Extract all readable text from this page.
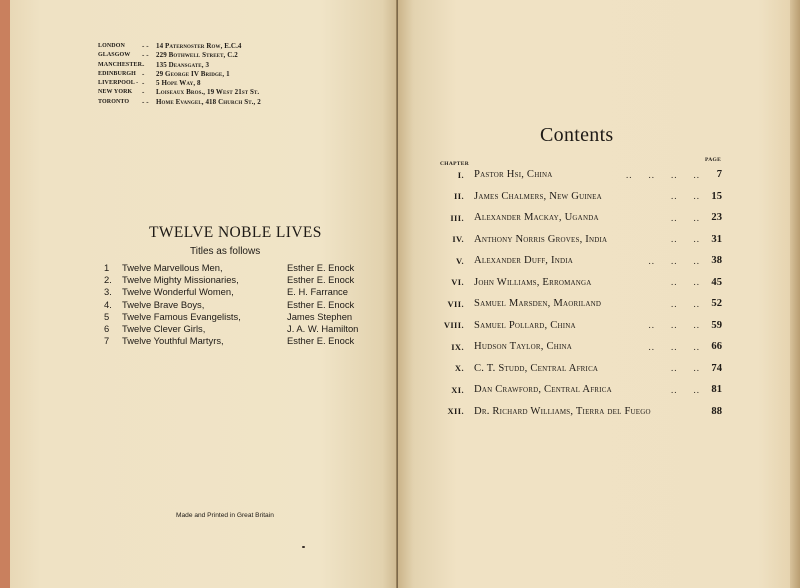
LONDON	- -	14 Paternoster Row, E.C.4
GLASGOW	- -	229 Bothwell Street, C.2
MANCHESTER -	135 Deansgate, 3
EDINBURGH -	29 George IV Bridge, 1
LIVERPOOL - -	5 Hope Way, 8
NEW YORK	-	Loiseaux Bros., 19 West 21st St.
TORONTO	- -	Home Evangel, 418 Church St., 2
TWELVE NOBLE LIVES
Titles as follows
1	Twelve Marvellous Men,	Esther E. Enock
2.	Twelve Mighty Missionaries,	Esther E. Enock
3.	Twelve Wonderful Women,	E. H. Farrance
4.	Twelve Brave Boys,	Esther E. Enock
5	Twelve Famous Evangelists,	James Stephen
6	Twelve Clever Girls,	J. A. W. Hamilton
7	Twelve Youthful Martyrs,	Esther E. Enock
Made and Printed in Great Britain
Contents
CHAPTER
PAGE
I. Pastor Hsi, China	.. .. .. ..	7
II. James Chalmers, New Guinea	.. ..	15
III. Alexander Mackay, Uganda	.. ..	23
IV. Anthony Norris Groves, India	.. ..	31
V. Alexander Duff, India	.. .. ..	38
VI. John Williams, Erromanga	.. ..	45
VII. Samuel Marsden, Maoriland	.. ..	52
VIII. Samuel Pollard, China	.. .. ..	59
IX. Hudson Taylor, China	.. .. ..	66
X. C. T. Studd, Central Africa	.. ..	74
XI. Dan Crawford, Central Africa	.. ..	81
XII. Dr. Richard Williams, Tierra del Fuego	88
